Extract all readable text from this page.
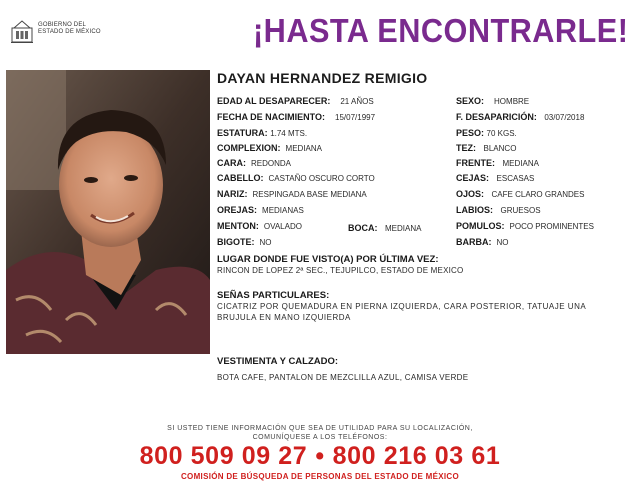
GOBIERNO DEL
ESTADO DE MÉXICO	¡HASTA ENCONTRARLE!
DAYAN HERNANDEZ REMIGIO
EDAD AL DESAPARECER: 21 AÑOS
FECHA DE NACIMIENTO: 15/07/1997
ESTATURA: 1.74 MTS.
COMPLEXION: MEDIANA
CARA: REDONDA
CABELLO: CASTAÑO OSCURO CORTO
NARIZ: RESPINGADA BASE MEDIANA
OREJAS: MEDIANAS
MENTON: OVALADO	BOCA: MEDIANA
BIGOTE: NO
SEXO: HOMBRE
F. DESAPARICIÓN: 03/07/2018
PESO: 70 KGS.
TEZ: BLANCO
FRENTE: MEDIANA
CEJAS: ESCASAS
OJOS: CAFE CLARO GRANDES
LABIOS: GRUESOS
POMULOS: POCO PROMINENTES
BARBA: NO
LUGAR DONDE FUE VISTO(A) POR ÚLTIMA VEZ:
RINCON DE LOPEZ 2ª SEC., TEJUPILCO, ESTADO DE MEXICO
SEÑAS PARTICULARES:
CICATRIZ POR QUEMADURA EN PIERNA IZQUIERDA, CARA POSTERIOR, TATUAJE UNA
BRUJULA EN MANO IZQUIERDA
VESTIMENTA Y CALZADO:
BOTA CAFE, PANTALON DE MEZCLILLA AZUL, CAMISA VERDE
SI USTED TIENE INFORMACIÓN QUE SEA DE UTILIDAD PARA SU LOCALIZACIÓN,
COMUNÍQUESE A LOS TELÉFONOS:
800 509 09 27 • 800 216 03 61
COMISIÓN DE BÚSQUEDA DE PERSONAS DEL ESTADO DE MÉXICO
